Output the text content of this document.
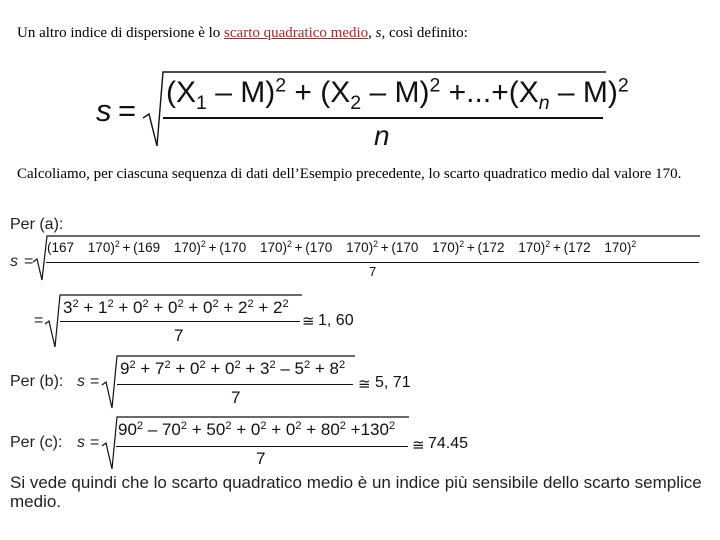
Un altro indice di dispersione è lo scarto quadratico medio, s, così definito:
s =
$(X_1 - M)^2 + (X_2 - M)^2 +...+(X_n - M)^2$
n
Calcoliamo, per ciascuna sequenza di dati dell’Esempio precedente, lo scarto quadratico medio dal valore 170.
Per (a):
s =
(167 170)$^2$ + (169 170)$^2$ + (170 170)$^2$ + (170 170)$^2$ + (170 170)$^2$ + (172 170)$^2$ + (172 170)$^2$
7
=
$3^2 + 1^2 + 0^2 + 0^2 + 0^2 + 2^2 + 2^2$
7
≅ 1, 60
Per (b): s =
$9^2 + 7^2 + 0^2 + 0^2 + 3^2 - 5^2 + 8^2$
7
≅ 5, 71
Per (c): s =
$90^2 - 70^2 + 50^2 + 0^2 + 0^2 + 80^2 +130^2$
7
≅ 74.45
Si vede quindi che lo scarto quadratico medio è un indice più sensibile dello scarto semplice medio.
